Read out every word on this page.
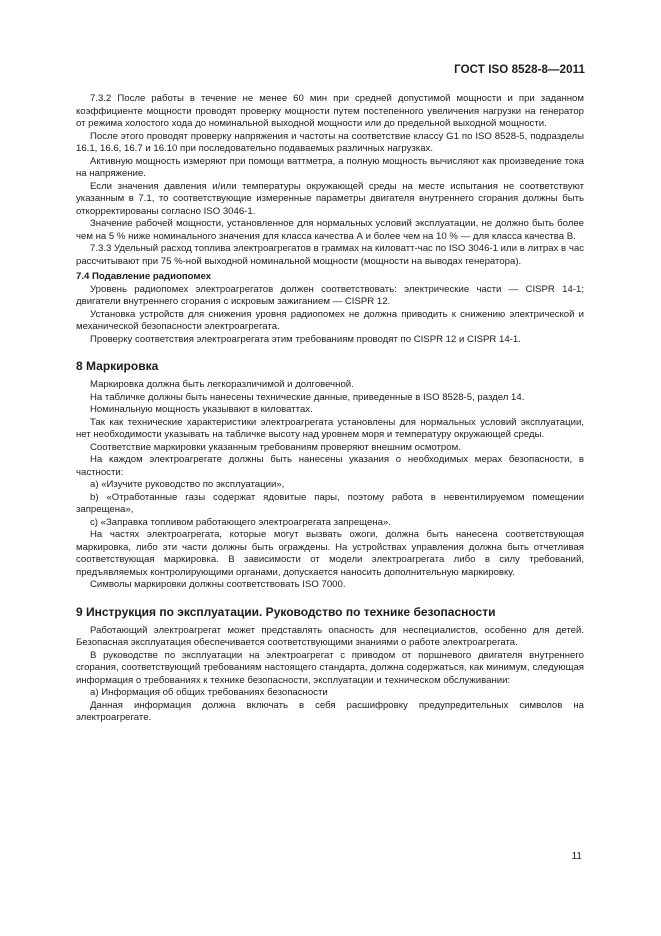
ГОСТ ISO 8528-8—2011

7.3.2 После работы в течение не менее 60 мин при средней допустимой мощности и при заданном коэффициенте мощности проводят проверку мощности путем постепенного увеличения нагрузки на генератор от режима холостого хода до номинальной выходной мощности или до предельной выходной мощности.

После этого проводят проверку напряжения и частоты на соответствие классу G1 по ISO 8528-5, подразделы 16.1, 16.6, 16.7 и 16.10 при последовательно подаваемых различных нагрузках.

Активную мощность измеряют при помощи ваттметра, а полную мощность вычисляют как произведение тока на напряжение.

Если значения давления и/или температуры окружающей среды на месте испытания не соответствуют указанным в 7.1, то соответствующие измеренные параметры двигателя внутреннего сгорания должны быть откорректированы согласно ISO 3046-1.

Значение рабочей мощности, установленное для нормальных условий эксплуатации, не должно быть более чем на 5 % ниже номинального значения для класса качества А и более чем на 10 % — для класса качества В.

7.3.3 Удельный расход топлива электроагрегатов в граммах на киловатт-час по ISO 3046-1 или в литрах в час рассчитывают при 75 %-ной выходной номинальной мощности (мощности на выводах генератора).

7.4 Подавление радиопомех

Уровень радиопомех электроагрегатов должен соответствовать: электрические части — CISPR 14-1; двигатели внутреннего сгорания с искровым зажиганием — CISPR 12.

Установка устройств для снижения уровня радиопомех не должна приводить к снижению электрической и механической безопасности электроагрегата.

Проверку соответствия электроагрегата этим требованиям проводят по CISPR 12 и CISPR 14-1.

8 Маркировка

Маркировка должна быть легкоразличимой и долговечной.

На табличке должны быть нанесены технические данные, приведенные в ISO 8528-5, раздел 14.

Номинальную мощность указывают в киловаттах.

Так как технические характеристики электроагрегата установлены для нормальных условий эксплуатации, нет необходимости указывать на табличке высоту над уровнем моря и температуру окружающей среды.

Соответствие маркировки указанным требованиям проверяют внешним осмотром.

На каждом электроагрегате должны быть нанесены указания о необходимых мерах безопасности, в частности:

a) «Изучите руководство по эксплуатации»,

b) «Отработанные газы содержат ядовитые пары, поэтому работа в невентилируемом помещении запрещена»,

c) «Заправка топливом работающего электроагрегата запрещена».

На частях электроагрегата, которые могут вызвать ожоги, должна быть нанесена соответствующая маркировка, либо эти части должны быть ограждены. На устройствах управления должна быть отчетливая соответствующая маркировка. В зависимости от модели электроагрегата либо в силу требований, предъявляемых контролирующими органами, допускается наносить дополнительную маркировку.

Символы маркировки должны соответствовать ISO 7000.

9 Инструкция по эксплуатации. Руководство по технике безопасности

Работающий электроагрегат может представлять опасность для неспециалистов, особенно для детей. Безопасная эксплуатация обеспечивается соответствующими знаниями о работе электроагрегата.

В руководстве по эксплуатации на электроагрегат с приводом от поршневого двигателя внутреннего сгорания, соответствующий требованиям настоящего стандарта, должна содержаться, как минимум, следующая информация о требованиях к технике безопасности, эксплуатации и техническом обслуживании:

a) Информация об общих требованиях безопасности

Данная информация должна включать в себя расшифровку предупредительных символов на электроагрегате.

11
